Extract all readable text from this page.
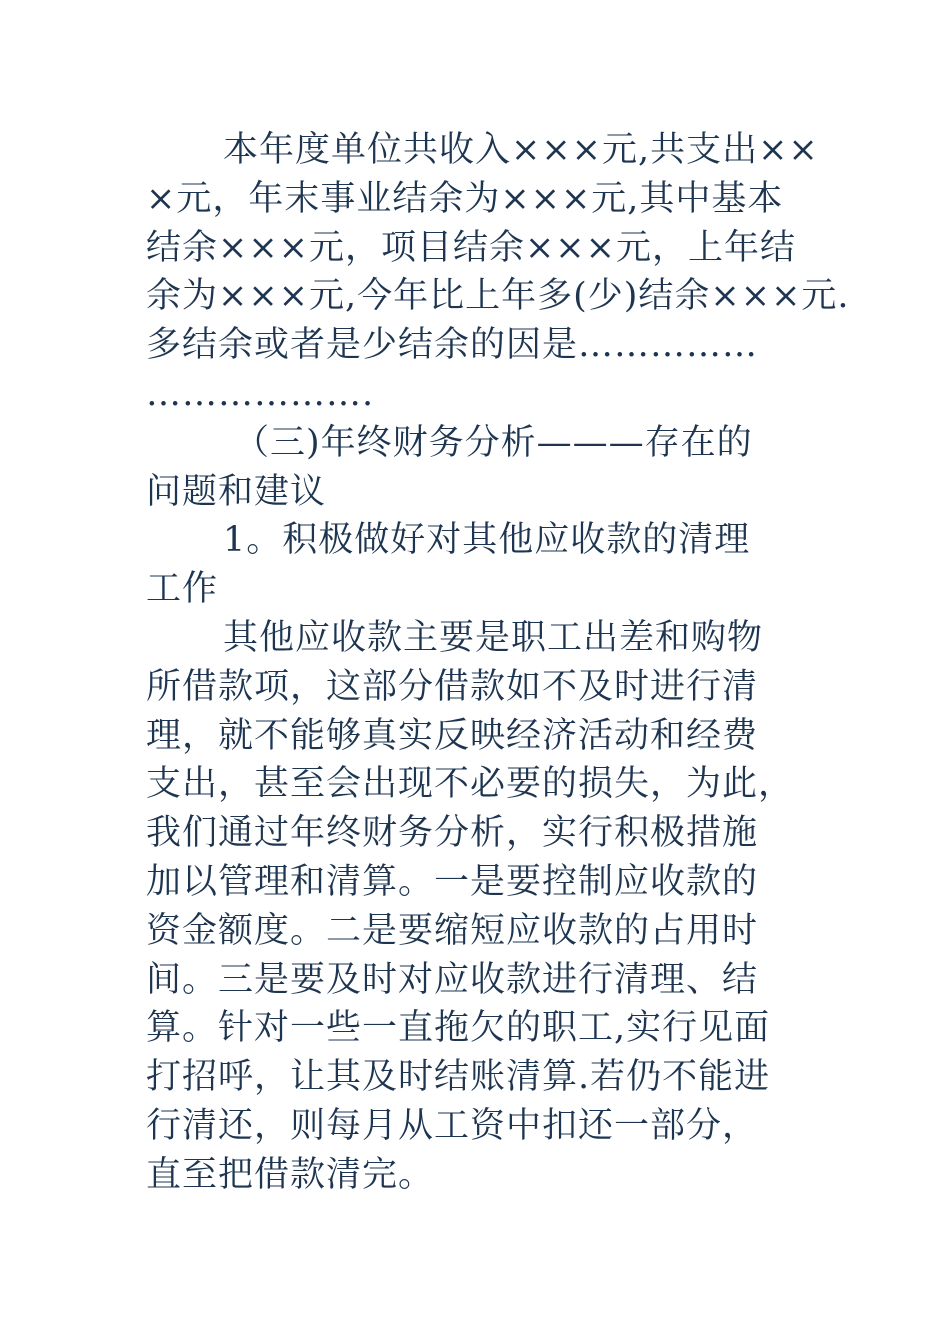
本年度单位共收入×××元,共支出××
×元，年末事业结余为×××元,其中基本
结余×××元，项目结余×××元，上年结
余为×××元,今年比上年多(少)结余×××元.
多结余或者是少结余的因是……………
……………….
（三)年终财务分析———存在的
问题和建议
1。积极做好对其他应收款的清理
工作
其他应收款主要是职工出差和购物
所借款项，这部分借款如不及时进行清
理，就不能够真实反映经济活动和经费
支出，甚至会出现不必要的损失，为此，
我们通过年终财务分析，实行积极措施
加以管理和清算。一是要控制应收款的
资金额度。二是要缩短应收款的占用时
间。三是要及时对应收款进行清理、结
算。针对一些一直拖欠的职工,实行见面
打招呼，让其及时结账清算.若仍不能进
行清还，则每月从工资中扣还一部分，
直至把借款清完。
